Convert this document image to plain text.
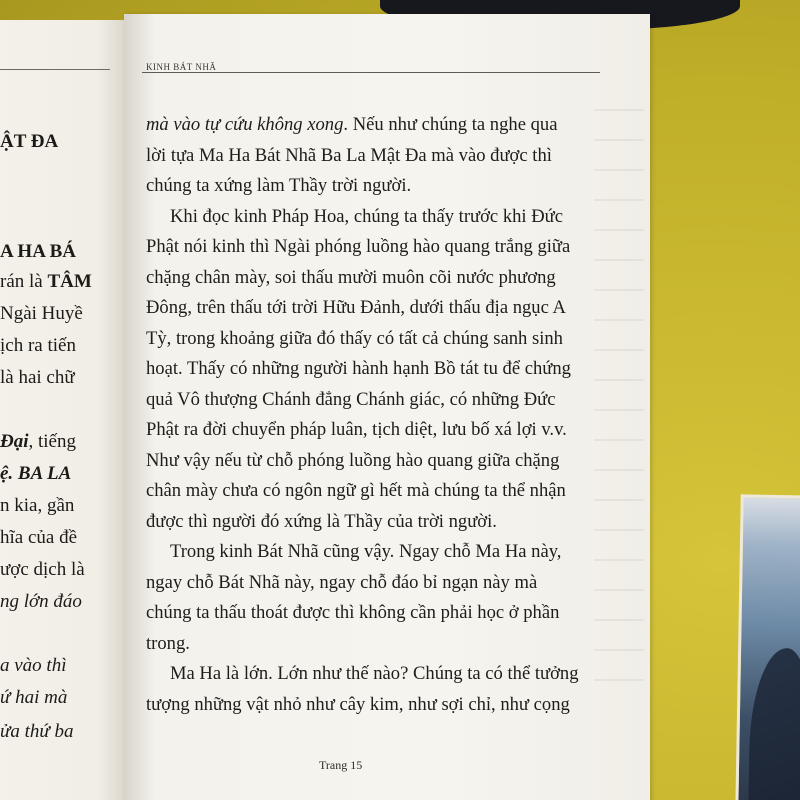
ẬT ĐA
A HA BÁ
rán là TÂM
Ngài Huyề
ịch ra tiến
là hai chữ
Đại, tiếng
ệ. BA LA
n kia, gần
hĩa của đề
ược dịch là
ng lớn đáo
a vào thì
ứ hai mà
ửa thứ ba
KINH BÁT NHÃ
mà vào tự cứu không xong. Nếu như chúng ta nghe qua
lời tựa Ma Ha Bát Nhã Ba La Mật Đa mà vào được thì
chúng ta xứng làm Thầy trời người.
Khi đọc kinh Pháp Hoa, chúng ta thấy trước khi Đức
Phật nói kinh thì Ngài phóng luồng hào quang trắng giữa
chặng chân mày, soi thấu mười muôn cõi nước phương
Đông, trên thấu tới trời Hữu Đảnh, dưới thấu địa ngục A
Tỳ, trong khoảng giữa đó thấy có tất cả chúng sanh sinh
hoạt. Thấy có những người hành hạnh Bồ tát tu để chứng
quả Vô thượng Chánh đẳng Chánh giác, có những Đức
Phật ra đời chuyển pháp luân, tịch diệt, lưu bố xá lợi v.v.
Như vậy nếu từ chỗ phóng luồng hào quang giữa chặng
chân mày chưa có ngôn ngữ gì hết mà chúng ta thể nhận
được thì người đó xứng là Thầy của trời người.
Trong kinh Bát Nhã cũng vậy. Ngay chỗ Ma Ha này,
ngay chỗ Bát Nhã này, ngay chỗ đáo bỉ ngạn này mà
chúng ta thấu thoát được thì không cần phải học ở phần
trong.
Ma Ha là lớn. Lớn như thế nào? Chúng ta có thể tưởng
tượng những vật nhỏ như cây kim, như sợi chỉ, như cọng
Trang 15
